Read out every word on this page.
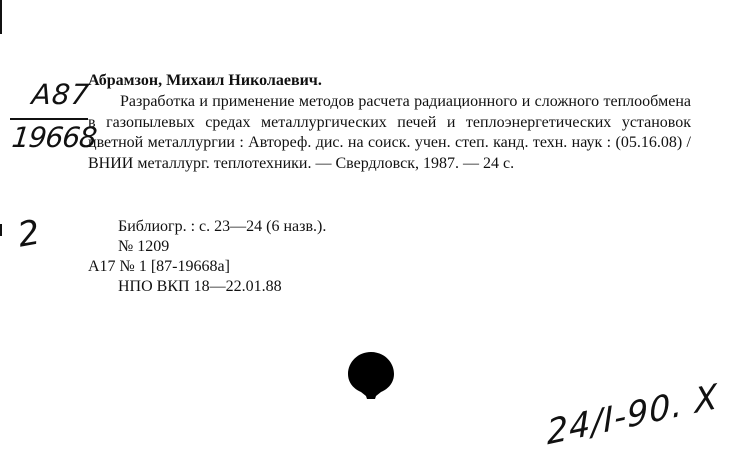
А87
19668
2
Абрамзон, Михаил Николаевич.

Разработка и применение методов расчета радиационного и сложного теплообмена в газопылевых средах металлургических печей и теплоэнергетических установок цветной металлургии : Автореф. дис. на соиск. учен. степ. канд. техн. наук : (05.16.08) / ВНИИ металлург. теплотехники. — Свердловск, 1987. — 24 с.

Библиогр. : с. 23—24 (6 назв.).
№ 1209
А17 № 1 [87-19668а]
НПО ВКП 18—22.01.88
24/I-90. X
